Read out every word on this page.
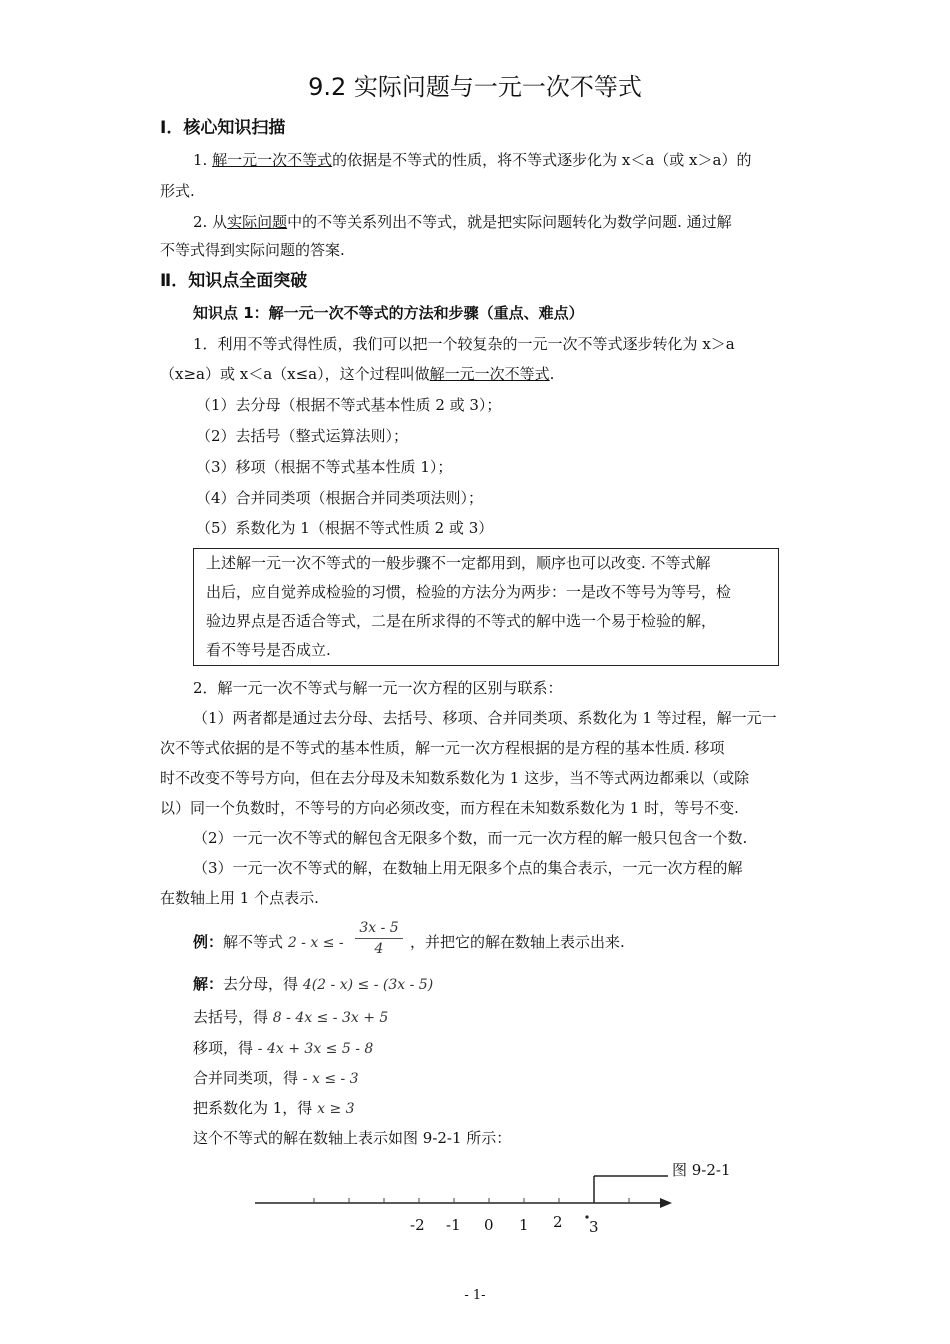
9.2 实际问题与一元一次不等式
Ⅰ．核心知识扫描
1. 解一元一次不等式的依据是不等式的性质，将不等式逐步化为 x＜a（或 x＞a）的
形式.
2. 从实际问题中的不等关系列出不等式，就是把实际问题转化为数学问题. 通过解
不等式得到实际问题的答案.
Ⅱ．知识点全面突破
知识点 1：解一元一次不等式的方法和步骤（重点、难点）
1．利用不等式得性质，我们可以把一个较复杂的一元一次不等式逐步转化为 x＞a
（x≥a）或 x＜a（x≤a），这个过程叫做解一元一次不等式.
（1）去分母（根据不等式基本性质 2 或 3）；
（2）去括号（整式运算法则）；
（3）移项（根据不等式基本性质 1）；
（4）合并同类项（根据合并同类项法则）；
（5）系数化为 1（根据不等式性质 2 或 3）
上述解一元一次不等式的一般步骤不一定都用到，顺序也可以改变. 不等式解
出后，应自觉养成检验的习惯，检验的方法分为两步：一是改不等号为等号，检
验边界点是否适合等式，二是在所求得的不等式的解中选一个易于检验的解，
看不等号是否成立.
2．解一元一次不等式与解一元一次方程的区别与联系：
（1）两者都是通过去分母、去括号、移项、合并同类项、系数化为 1 等过程，解一元一
次不等式依据的是不等式的基本性质，解一元一次方程根据的是方程的基本性质. 移项
时不改变不等号方向，但在去分母及未知数系数化为 1 这步，当不等式两边都乘以（或除
以）同一个负数时，不等号的方向必须改变，而方程在未知数系数化为 1 时，等号不变.
（2）一元一次不等式的解包含无限多个数，而一元一次方程的解一般只包含一个数.
（3）一元一次不等式的解，在数轴上用无限多个点的集合表示，一元一次方程的解
在数轴上用 1 个点表示.
例：解不等式 2 - x ≤ - $\frac{3x - 5}{4}$ ，并把它的解在数轴上表示出来.
解：去分母，得 4(2 - x) ≤ - (3x - 5)
去括号，得 8 - 4x ≤ - 3x + 5
移项，得 - 4x + 3x ≤ 5 - 8
合并同类项，得 - x ≤ - 3
把系数化为 1，得 x ≥ 3
这个不等式的解在数轴上表示如图 9-2-1 所示：
-2 -1 0 1 2 3
图 9-2-1
- 1-
